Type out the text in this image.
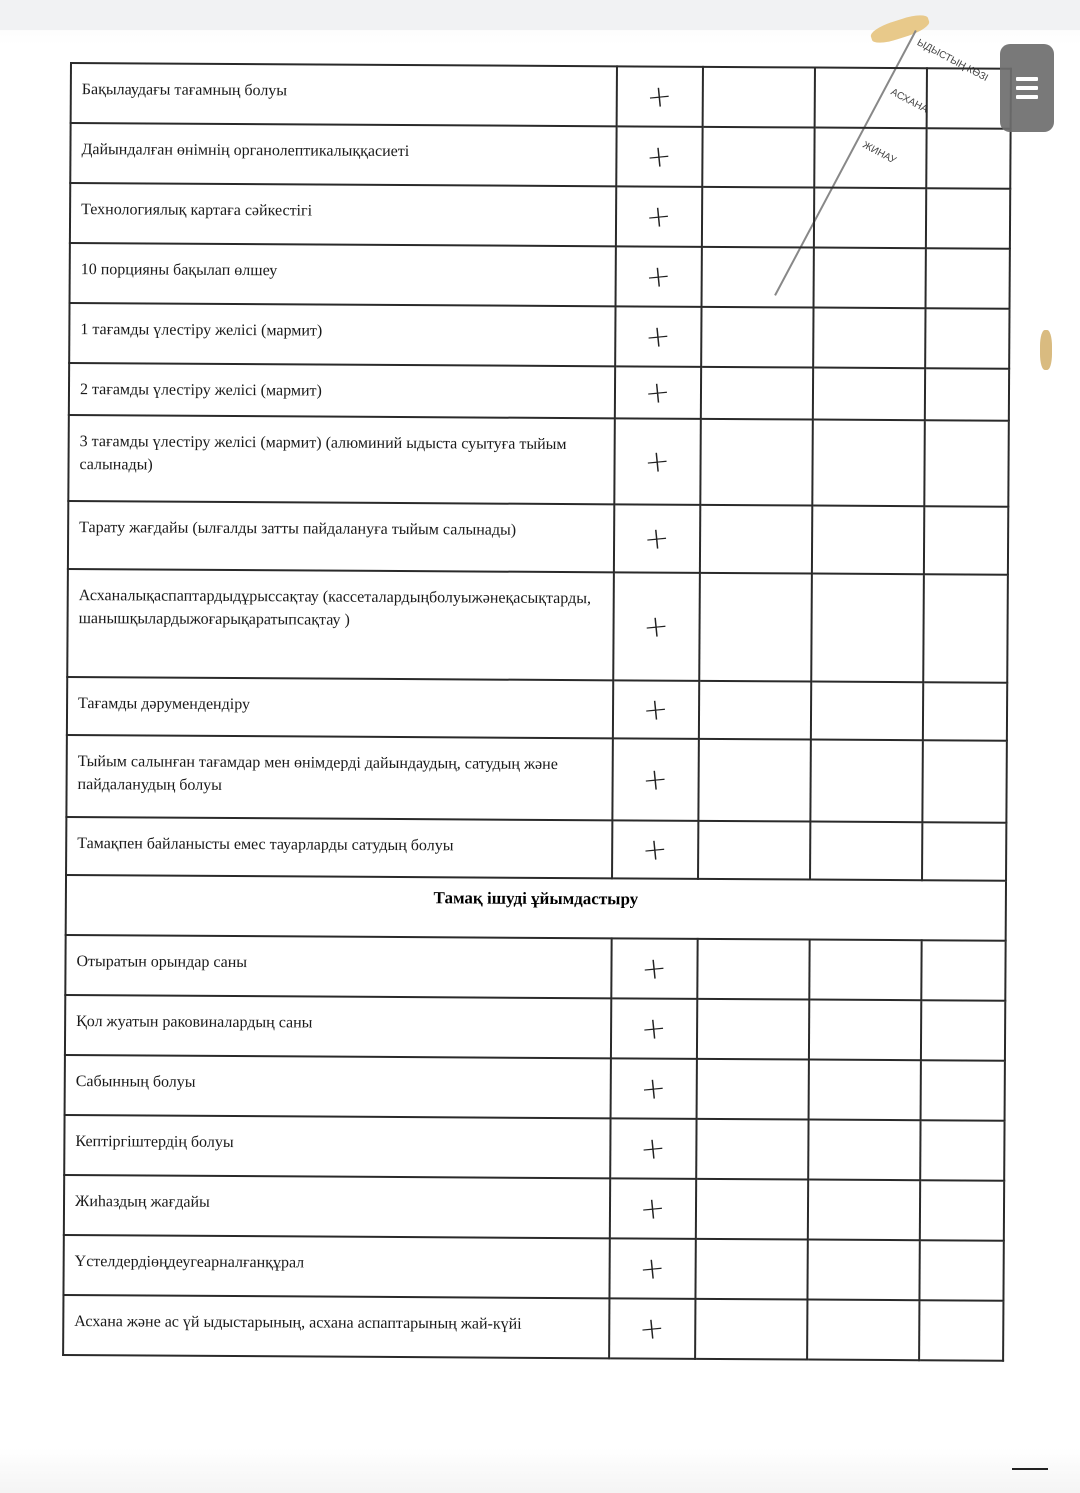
ЫДЫСТЫҢ КӨЗІ
АСХАНА
ЖИНАУ
Бақылаудағы тағамның болуы	+			
Дайындалған өнімнің органолептикалыққасиеті	+			
Технологиялық картаға сәйкестігі	+			
10 порцияны бақылап өлшеу	+			
1 тағамды үлестіру желісі (мармит)	+			
2 тағамды үлестіру желісі (мармит)	+			
3 тағамды үлестіру желісі (мармит) (алюминий ыдыста суытуға тыйым салынады)	+			
Тарату жағдайы (ылғалды затты пайдалануға тыйым салынады)	+			
Асханалықаспаптардыдұрыссақтау (кассеталардыңболуыжәнеқасықтарды, шанышқылардыжоғарықаратыпсақтау )	+			
Тағамды дәрумендендіру	+			
Тыйым салынған тағамдар мен өнімдерді дайындаудың, сатудың және пайдаланудың болуы	+			
Тамақпен байланысты емес тауарларды сатудың болуы	+			
Тамақ ішуді ұйымдастыру				
Отыратын орындар саны	+			
Қол жуатын раковиналардың саны	+			
Сабынның болуы	+			
Кептіргіштердің болуы	+			
Жиһаздың жағдайы	+			
Үстелдердіөңдеугеарналғанқұрал	+			
Асхана және ас үй ыдыстарының, асхана аспаптарының жай-күйі	+			
